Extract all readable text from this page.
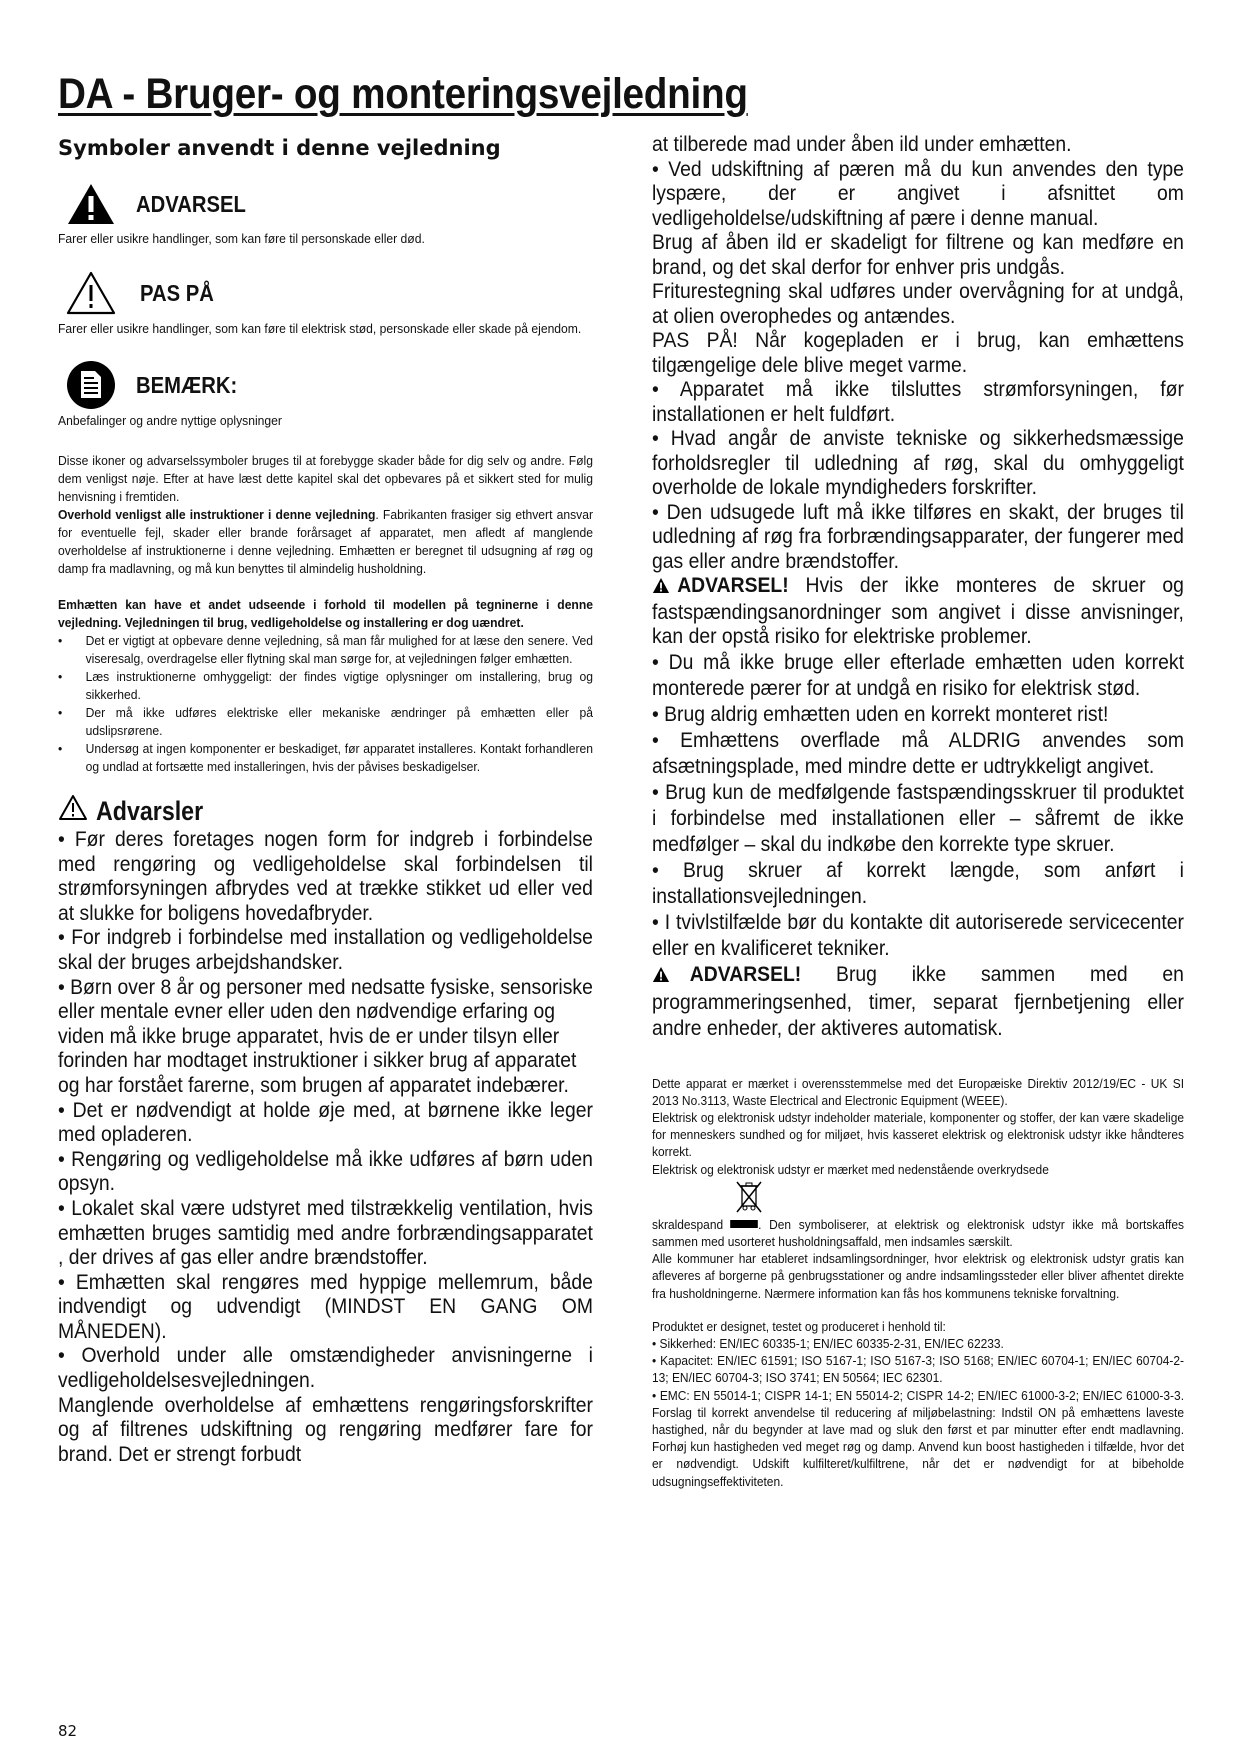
DA - Bruger- og monteringsvejledning
Symboler anvendt i denne vejledning
ADVARSEL
Farer eller usikre handlinger, som kan føre til personskade eller død.
PAS PÅ
Farer eller usikre handlinger, som kan føre til elektrisk stød, personskade eller skade på ejendom.
BEMÆRK:
Anbefalinger og andre nyttige oplysninger

Disse ikoner og advarselssymboler bruges til at forebygge skader både for dig selv og andre. Følg dem venligst nøje. Efter at have læst dette kapitel skal det opbevares på et sikkert sted for mulig henvisning i fremtiden.

Overhold venligst alle instruktioner i denne vejledning. Fabrikanten frasiger sig ethvert ansvar for eventuelle fejl, skader eller brande forårsaget af apparatet, men afledt af manglende overholdelse af instruktionerne i denne vejledning. Emhætten er beregnet til udsugning af røg og damp fra madlavning, og må kun benyttes til almindelig husholdning.

Emhætten kan have et andet udseende i forhold til modellen på tegninerne i denne vejledning. Vejledningen til brug, vedligeholdelse og installering er dog uændret.

• Det er vigtigt at opbevare denne vejledning, så man får mulighed for at læse den senere. Ved viseresalg, overdragelse eller flytning skal man sørge for, at vejledningen følger emhætten.
• Læs instruktionerne omhyggeligt: der findes vigtige oplysninger om installering, brug og sikkerhed.
• Der må ikke udføres elektriske eller mekaniske ændringer på emhætten eller på udslipsrørene.
• Undersøg at ingen komponenter er beskadiget, før apparatet installeres. Kontakt forhandleren og undlad at fortsætte med installeringen, hvis der påvises beskadigelser.
Advarsler

• Før deres foretages nogen form for indgreb i forbindelse med rengøring og vedligeholdelse skal forbindelsen til strømforsyningen afbrydes ved at trække stikket ud eller ved at slukke for boligens hovedafbryder.

• For indgreb i forbindelse med installation og vedligeholdelse skal der bruges arbejdshandsker.

• Børn over 8 år og personer med nedsatte fysiske, sensoriske eller mentale evner eller uden den nødvendige erfaring og viden må ikke bruge apparatet, hvis de er under tilsyn eller forinden har modtaget instruktioner i sikker brug af apparatet og har forstået farerne, som brugen af apparatet indebærer.

• Det er nødvendigt at holde øje med, at børnene ikke leger med opladeren.

• Rengøring og vedligeholdelse må ikke udføres af børn uden opsyn.

• Lokalet skal være udstyret med tilstrækkelig ventilation, hvis emhætten bruges samtidig med andre forbrændingsapparatet , der drives af gas eller andre brændstoffer.

• Emhætten skal rengøres med hyppige mellemrum, både indvendigt og udvendigt (MINDST EN GANG OM MÅNEDEN).

• Overhold under alle omstændigheder anvisningerne i vedligeholdelsesvejledningen.

Manglende overholdelse af emhættens rengøringsforskrifter og af filtrenes udskiftning og rengøring medfører fare for brand. Det er strengt forbudt

at tilberede mad under åben ild under emhætten.

• Ved udskiftning af pæren må du kun anvendes den type lyspære, der er angivet i afsnittet om vedligeholdelse/udskiftning af pære i denne manual.

Brug af åben ild er skadeligt for filtrene og kan medføre en brand, og det skal derfor for enhver pris undgås.

Friturestegning skal udføres under overvågning for at undgå, at olien overophedes og antændes.

PAS PÅ! Når kogepladen er i brug, kan emhættens tilgængelige dele blive meget varme.

• Apparatet må ikke tilsluttes strømforsyningen, før installationen er helt fuldført.

• Hvad angår de anviste tekniske og sikkerhedsmæssige forholdsregler til udledning af røg, skal du omhyggeligt overholde de lokale myndigheders forskrifter.

• Den udsugede luft må ikke tilføres en skakt, der bruges til udledning af røg fra forbrændingsapparater, der fungerer med gas eller andre brændstoffer.

ADVARSEL! Hvis der ikke monteres de skruer og fastspændingsanordninger som angivet i disse anvisninger, kan der opstå risiko for elektriske problemer.

• Du må ikke bruge eller efterlade emhætten uden korrekt monterede pærer for at undgå en risiko for elektrisk stød.

• Brug aldrig emhætten uden en korrekt monteret rist!

• Emhættens overflade må ALDRIG anvendes som afsætningsplade, med mindre dette er udtrykkeligt angivet.

• Brug kun de medfølgende fastspændingsskruer til produktet i forbindelse med installationen eller – såfremt de ikke medfølger – skal du indkøbe den korrekte type skruer.

• Brug skruer af korrekt længde, som anført i installationsvejledningen.

• I tvivlstilfælde bør du kontakte dit autoriserede servicecenter eller en kvalificeret tekniker.

ADVARSEL! Brug ikke sammen med en programmeringsenhed, timer, separat fjernbetjening eller andre enheder, der aktiveres automatisk.

Dette apparat er mærket i overensstemmelse med det Europæiske Direktiv 2012/19/EC - UK SI 2013 No.3113, Waste Electrical and Electronic Equipment (WEEE).

Elektrisk og elektronisk udstyr indeholder materiale, komponenter og stoffer, der kan være skadelige for menneskers sundhed og for miljøet, hvis kasseret elektrisk og elektronisk udstyr ikke håndteres korrekt.

Elektrisk og elektronisk udstyr er mærket med nedenstående overkrydsede

skraldespand	. Den symboliserer, at elektrisk og elektronisk udstyr ikke må bortskaffes sammen med usorteret husholdningsaffald, men indsamles særskilt.

Alle kommuner har etableret indsamlingsordninger, hvor elektrisk og elektronisk udstyr gratis kan afleveres af borgerne på genbrugsstationer og andre indsamlingssteder eller bliver afhentet direkte fra husholdningerne. Nærmere information kan fås hos kommunens tekniske forvaltning.

Produktet er designet, testet og produceret i henhold til:

• Sikkerhed: EN/IEC 60335-1; EN/IEC 60335-2-31, EN/IEC 62233.

• Kapacitet: EN/IEC 61591; ISO 5167-1; ISO 5167-3; ISO 5168; EN/IEC 60704-1; EN/IEC 60704-2-13; EN/IEC 60704-3; ISO 3741; EN 50564; IEC 62301.

• EMC: EN 55014-1; CISPR 14-1; EN 55014-2; CISPR 14-2; EN/IEC 61000-3-2; EN/IEC 61000-3-3. Forslag til korrekt anvendelse til reducering af miljøbelastning: Indstil ON på emhættens laveste hastighed, når du begynder at lave mad og sluk den først et par minutter efter endt madlavning. Forhøj kun hastigheden ved meget røg og damp. Anvend kun boost hastigheden i tilfælde, hvor det er nødvendigt. Udskift kulfilteret/kulfiltrene, når det er nødvendigt for at bibeholde udsugningseffektiviteten.

82
